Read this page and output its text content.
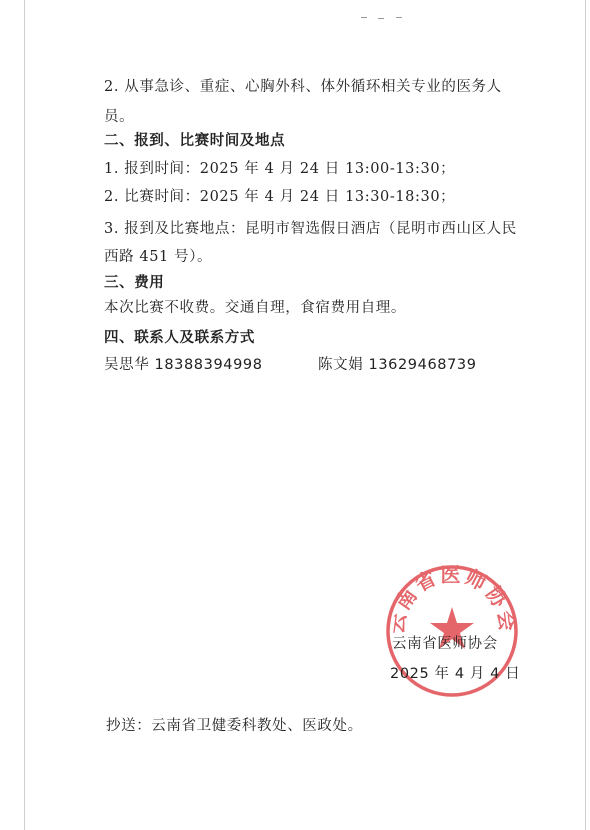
2. 从事急诊、重症、心胸外科、体外循环相关专业的医务人员。
二、报到、比赛时间及地点
1. 报到时间：2025 年 4 月 24 日 13:00-13:30；
2. 比赛时间：2025 年 4 月 24 日 13:30-18:30；
3. 报到及比赛地点：昆明市智选假日酒店（昆明市西山区人民西路 451 号）。
三、费用
本次比赛不收费。交通自理，食宿费用自理。
四、联系人及联系方式
吴思华 18388394998	陈文娟 13629468739
云南省医师协会
云南省医师协会
2025 年 4 月 4 日
抄送：云南省卫健委科教处、医政处。
